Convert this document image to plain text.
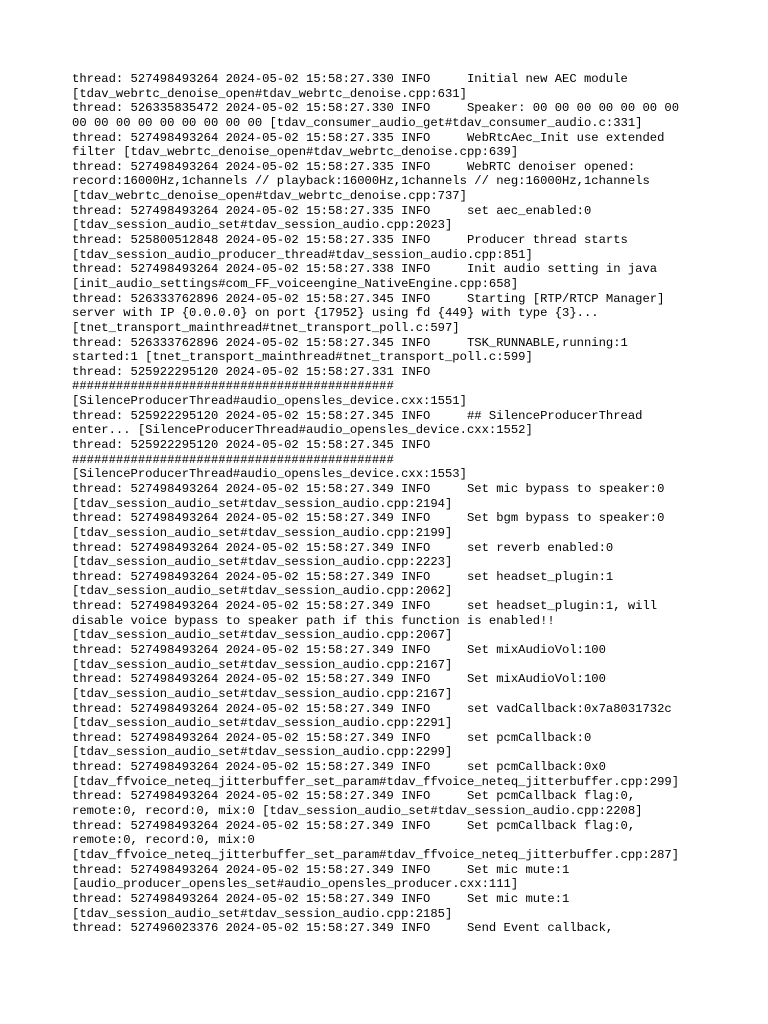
thread: 527498493264 2024-05-02 15:58:27.330 INFO     Initial new AEC module
[tdav_webrtc_denoise_open#tdav_webrtc_denoise.cpp:631]
thread: 526335835472 2024-05-02 15:58:27.330 INFO     Speaker: 00 00 00 00 00 00 00
00 00 00 00 00 00 00 00 00 [tdav_consumer_audio_get#tdav_consumer_audio.c:331]
thread: 527498493264 2024-05-02 15:58:27.335 INFO     WebRtcAec_Init use extended
filter [tdav_webrtc_denoise_open#tdav_webrtc_denoise.cpp:639]
thread: 527498493264 2024-05-02 15:58:27.335 INFO     WebRTC denoiser opened:
record:16000Hz,1channels // playback:16000Hz,1channels // neg:16000Hz,1channels
[tdav_webrtc_denoise_open#tdav_webrtc_denoise.cpp:737]
thread: 527498493264 2024-05-02 15:58:27.335 INFO     set aec_enabled:0
[tdav_session_audio_set#tdav_session_audio.cpp:2023]
thread: 525800512848 2024-05-02 15:58:27.335 INFO     Producer thread starts
[tdav_session_audio_producer_thread#tdav_session_audio.cpp:851]
thread: 527498493264 2024-05-02 15:58:27.338 INFO     Init audio setting in java
[init_audio_settings#com_FF_voiceengine_NativeEngine.cpp:658]
thread: 526333762896 2024-05-02 15:58:27.345 INFO     Starting [RTP/RTCP Manager]
server with IP {0.0.0.0} on port {17952} using fd {449} with type {3}...
[tnet_transport_mainthread#tnet_transport_poll.c:597]
thread: 526333762896 2024-05-02 15:58:27.345 INFO     TSK_RUNNABLE,running:1
started:1 [tnet_transport_mainthread#tnet_transport_poll.c:599]
thread: 525922295120 2024-05-02 15:58:27.331 INFO
############################################
[SilenceProducerThread#audio_opensles_device.cxx:1551]
thread: 525922295120 2024-05-02 15:58:27.345 INFO     ## SilenceProducerThread
enter... [SilenceProducerThread#audio_opensles_device.cxx:1552]
thread: 525922295120 2024-05-02 15:58:27.345 INFO
############################################
[SilenceProducerThread#audio_opensles_device.cxx:1553]
thread: 527498493264 2024-05-02 15:58:27.349 INFO     Set mic bypass to speaker:0
[tdav_session_audio_set#tdav_session_audio.cpp:2194]
thread: 527498493264 2024-05-02 15:58:27.349 INFO     Set bgm bypass to speaker:0
[tdav_session_audio_set#tdav_session_audio.cpp:2199]
thread: 527498493264 2024-05-02 15:58:27.349 INFO     set reverb enabled:0
[tdav_session_audio_set#tdav_session_audio.cpp:2223]
thread: 527498493264 2024-05-02 15:58:27.349 INFO     set headset_plugin:1
[tdav_session_audio_set#tdav_session_audio.cpp:2062]
thread: 527498493264 2024-05-02 15:58:27.349 INFO     set headset_plugin:1, will
disable voice bypass to speaker path if this function is enabled!!
[tdav_session_audio_set#tdav_session_audio.cpp:2067]
thread: 527498493264 2024-05-02 15:58:27.349 INFO     Set mixAudioVol:100
[tdav_session_audio_set#tdav_session_audio.cpp:2167]
thread: 527498493264 2024-05-02 15:58:27.349 INFO     Set mixAudioVol:100
[tdav_session_audio_set#tdav_session_audio.cpp:2167]
thread: 527498493264 2024-05-02 15:58:27.349 INFO     set vadCallback:0x7a8031732c
[tdav_session_audio_set#tdav_session_audio.cpp:2291]
thread: 527498493264 2024-05-02 15:58:27.349 INFO     set pcmCallback:0
[tdav_session_audio_set#tdav_session_audio.cpp:2299]
thread: 527498493264 2024-05-02 15:58:27.349 INFO     set pcmCallback:0x0
[tdav_ffvoice_neteq_jitterbuffer_set_param#tdav_ffvoice_neteq_jitterbuffer.cpp:299]
thread: 527498493264 2024-05-02 15:58:27.349 INFO     Set pcmCallback flag:0,
remote:0, record:0, mix:0 [tdav_session_audio_set#tdav_session_audio.cpp:2208]
thread: 527498493264 2024-05-02 15:58:27.349 INFO     Set pcmCallback flag:0,
remote:0, record:0, mix:0
[tdav_ffvoice_neteq_jitterbuffer_set_param#tdav_ffvoice_neteq_jitterbuffer.cpp:287]
thread: 527498493264 2024-05-02 15:58:27.349 INFO     Set mic mute:1
[audio_producer_opensles_set#audio_opensles_producer.cxx:111]
thread: 527498493264 2024-05-02 15:58:27.349 INFO     Set mic mute:1
[tdav_session_audio_set#tdav_session_audio.cpp:2185]
thread: 527496023376 2024-05-02 15:58:27.349 INFO     Send Event callback,
